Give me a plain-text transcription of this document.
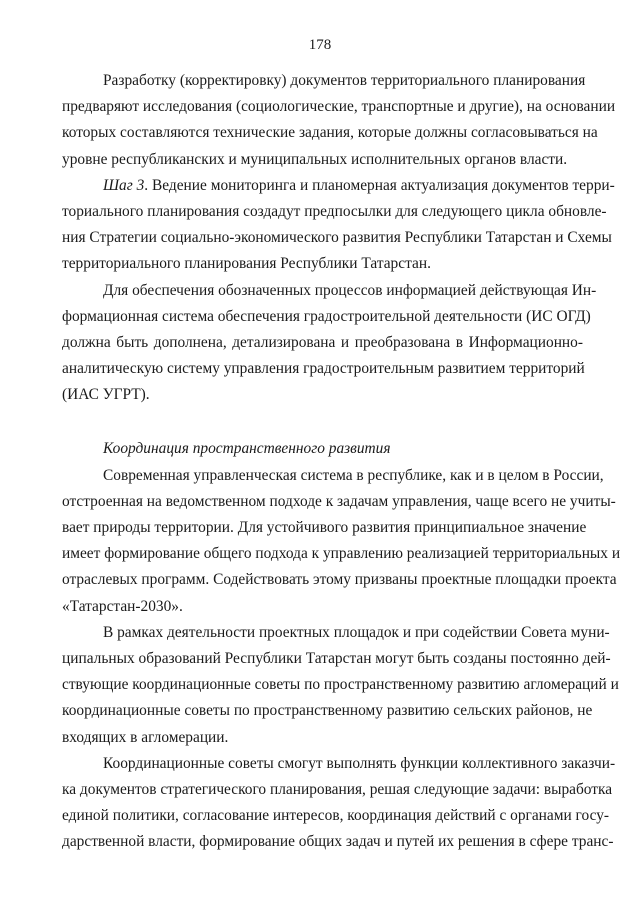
178
Разработку (корректировку) документов территориального планирования
предваряют исследования (социологические, транспортные и другие), на основании
которых составляются технические задания, которые должны согласовываться на
уровне республиканских и муниципальных исполнительных органов власти.
Шаг 3. Ведение мониторинга и планомерная актуализация документов терри-
ториального планирования создадут предпосылки для следующего цикла обновле-
ния Стратегии социально-экономического развития Республики Татарстан и Схемы
территориального планирования Республики Татарстан.
Для обеспечения обозначенных процессов информацией действующая Ин-
формационная система обеспечения градостроительной деятельности (ИС ОГД)
должна быть дополнена, детализирована и преобразована в Информационно-
аналитическую систему управления градостроительным развитием территорий
(ИАС УГРТ).
Координация пространственного развития
Современная управленческая система в республике, как и в целом в России,
отстроенная на ведомственном подходе к задачам управления, чаще всего не учиты-
вает природы территории. Для устойчивого развития принципиальное значение
имеет формирование общего подхода к управлению реализацией территориальных и
отраслевых программ. Содействовать этому призваны проектные площадки проекта
«Татарстан-2030».
В рамках деятельности проектных площадок и при содействии Совета муни-
ципальных образований Республики Татарстан могут быть созданы постоянно дей-
ствующие координационные советы по пространственному развитию агломераций и
координационные советы по пространственному развитию сельских районов, не
входящих в агломерации.
Координационные советы смогут выполнять функции коллективного заказчи-
ка документов стратегического планирования, решая следующие задачи: выработка
единой политики, согласование интересов, координация действий с органами госу-
дарственной власти, формирование общих задач и путей их решения в сфере транс-
